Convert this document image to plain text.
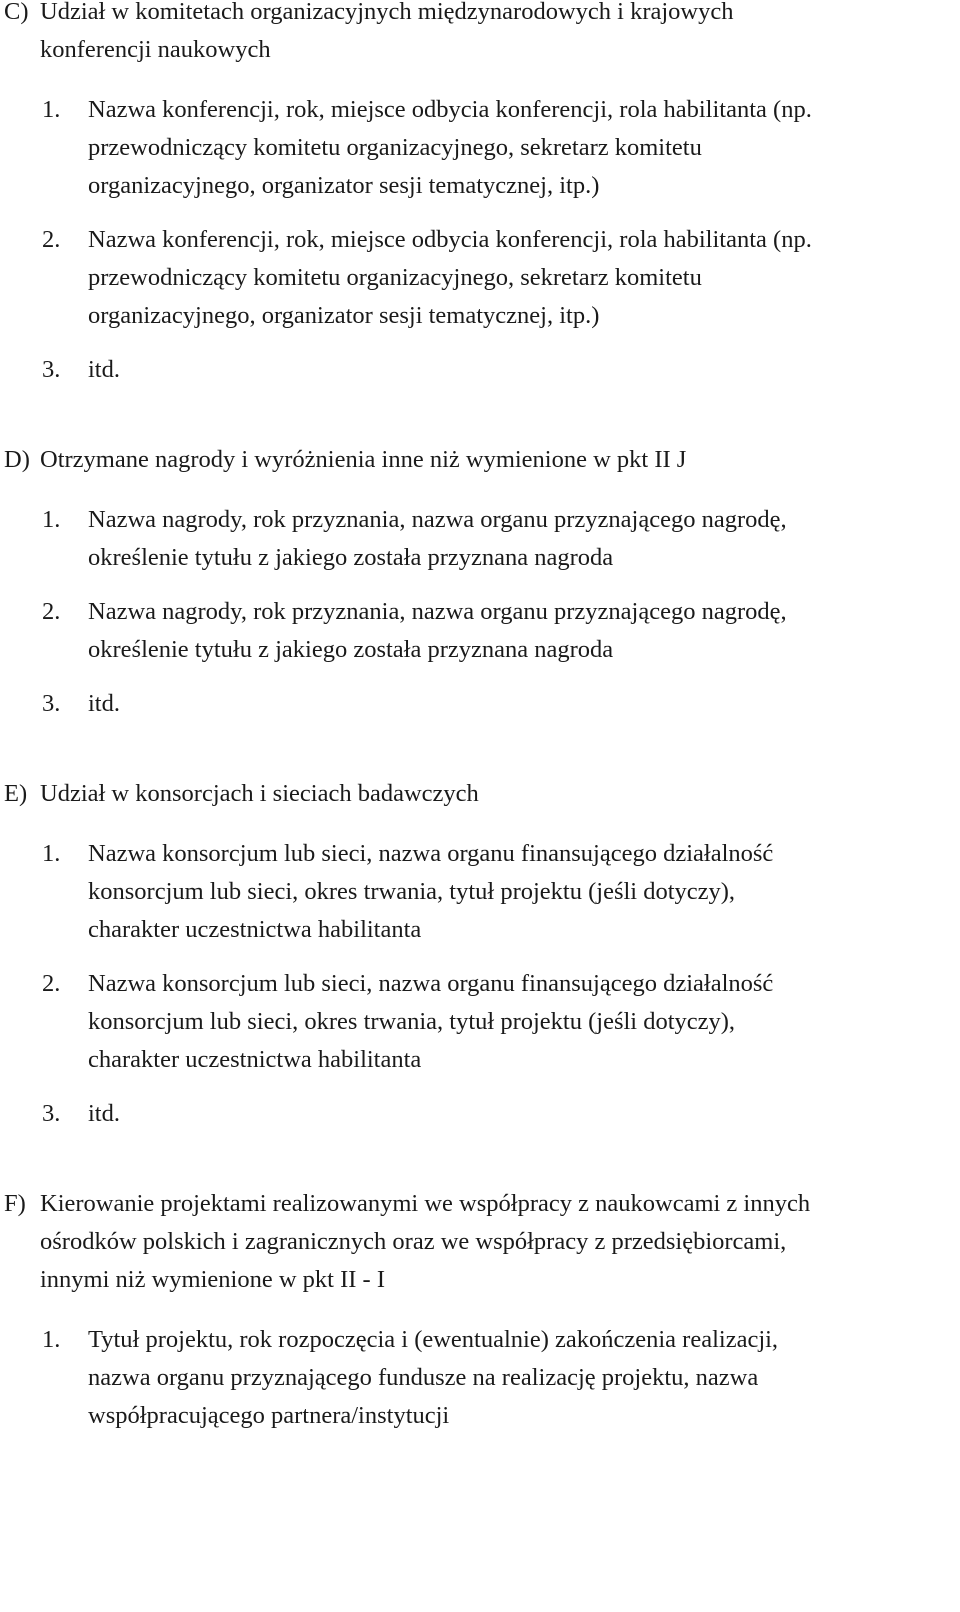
C) Udział w komitetach organizacyjnych międzynarodowych i krajowych
konferencji naukowych
1.	Nazwa konferencji, rok, miejsce odbycia konferencji, rola habilitanta (np.
przewodniczący komitetu organizacyjnego, sekretarz komitetu
organizacyjnego, organizator sesji tematycznej, itp.)
2.	Nazwa konferencji, rok, miejsce odbycia konferencji, rola habilitanta (np.
przewodniczący komitetu organizacyjnego, sekretarz komitetu
organizacyjnego, organizator sesji tematycznej, itp.)
3.	itd.
D) Otrzymane nagrody i wyróżnienia inne niż wymienione w pkt II J
1.	Nazwa nagrody, rok przyznania, nazwa organu przyznającego nagrodę,
określenie tytułu z jakiego została przyznana nagroda
2.	Nazwa nagrody, rok przyznania, nazwa organu przyznającego nagrodę,
określenie tytułu z jakiego została przyznana nagroda
3.	itd.
E) Udział w konsorcjach i sieciach badawczych
1.	Nazwa konsorcjum lub sieci, nazwa organu finansującego działalność
konsorcjum lub sieci, okres trwania, tytuł projektu (jeśli dotyczy),
charakter uczestnictwa habilitanta
2.	Nazwa konsorcjum lub sieci, nazwa organu finansującego działalność
konsorcjum lub sieci, okres trwania, tytuł projektu (jeśli dotyczy),
charakter uczestnictwa habilitanta
3.	itd.
F) Kierowanie projektami realizowanymi we współpracy z naukowcami z innych
ośrodków polskich i zagranicznych oraz we współpracy z przedsiębiorcami,
innymi niż wymienione w pkt II - I
1.	Tytuł projektu, rok rozpoczęcia i (ewentualnie) zakończenia realizacji,
nazwa organu przyznającego fundusze na realizację projektu, nazwa
współpracującego partnera/instytucji
